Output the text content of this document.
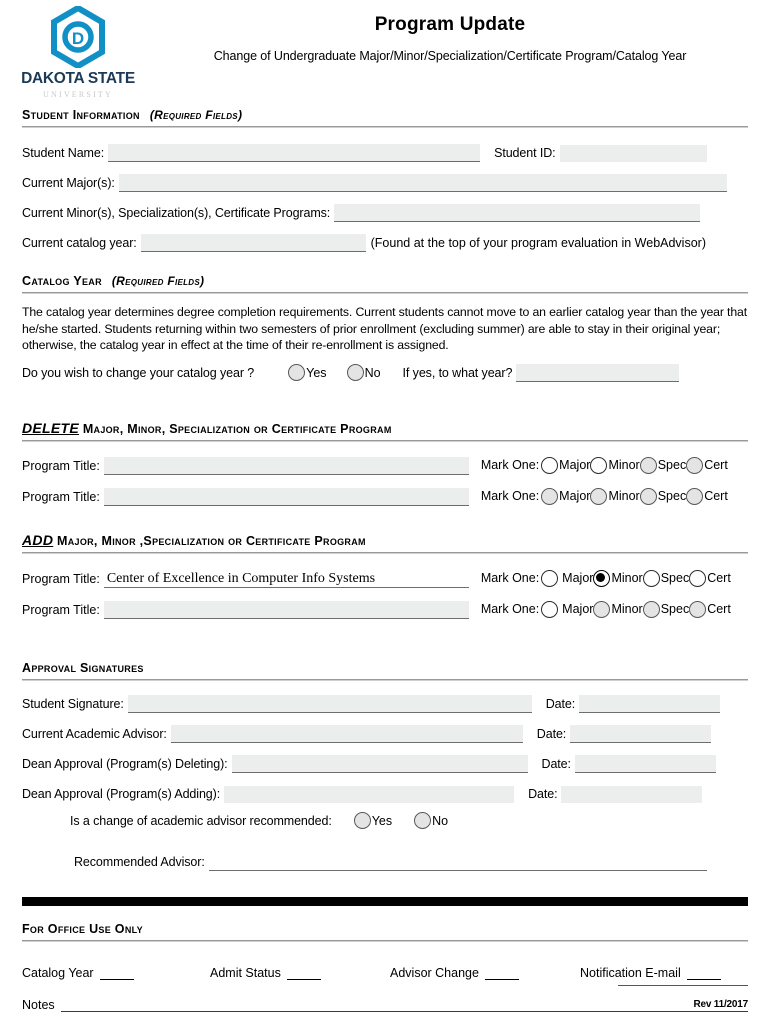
D
DAKOTA STATE
UNIVERSITY
Program Update
Change of Undergraduate Major/Minor/Specialization/Certificate Program/Catalog Year
Student Information (Required Fields)
Student Name:	Student ID:
Current Major(s):
Current Minor(s), Specialization(s), Certificate Programs:
Current catalog year:	(Found at the top of your program evaluation in WebAdvisor)
Catalog Year (Required Fields)
The catalog year determines degree completion requirements. Current students cannot move to an earlier catalog year than the year that he/she started. Students returning within two semesters of prior enrollment (excluding summer) are able to stay in their original year; otherwise, the catalog year in effect at the time of their re-enrollment is assigned.
Do you wish to change your catalog year ?	Yes	No If yes, to what year?
DELETE Major, Minor, Specialization or Certificate Program
Program Title:	Mark One: Major Minor Spec Cert
Program Title:	Mark One: Major Minor Spec Cert
ADD Major, Minor ,Specialization or Certificate Program
Program Title: Center of Excellence in Computer Info Systems	Mark One: Major Minor Spec Cert
Program Title:	Mark One: Major Minor Spec Cert
Approval Signatures
Student Signature:	Date:
Current Academic Advisor:	Date:
Dean Approval (Program(s) Deleting):	Date:
Dean Approval (Program(s) Adding):	Date:
Is a change of academic advisor recommended:	Yes	No
Recommended Advisor:
For Office Use Only
Catalog Year	Admit Status	Advisor Change	Notification E-mail
Notes	Rev 11/2017
